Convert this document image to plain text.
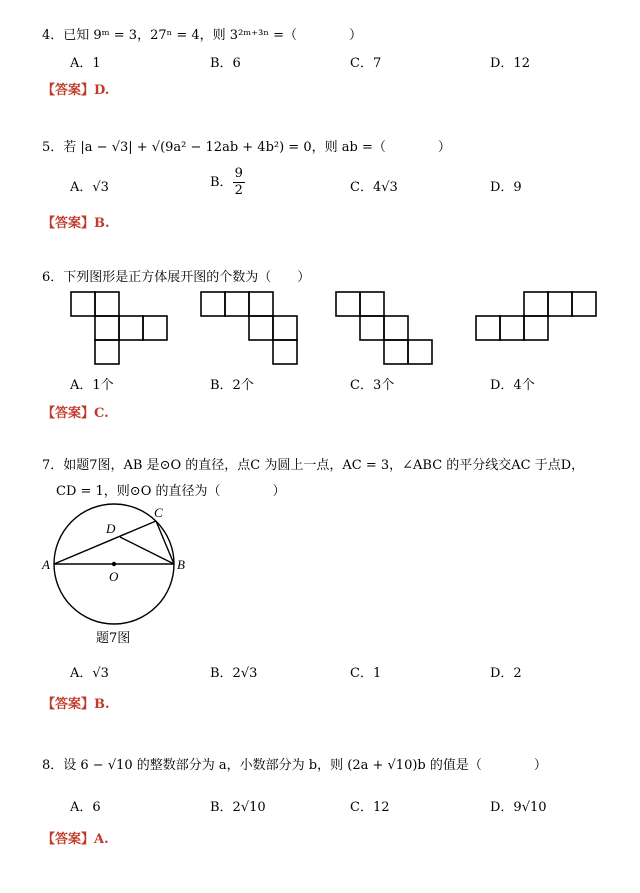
4．已知 9ᵐ = 3，27ⁿ = 4，则 3²ᵐ⁺³ⁿ =（　　　　）
A．1	B．6	C．7	D．12
【答案】D.
5．若 |a − √3| + √(9a² − 12ab + 4b²) = 0，则 ab =（　　　　）
A．√3	B． $\frac{9}{2}$	C．4√3	D．9
【答案】B.
6．下列图形是正方体展开图的个数为（　　）
A．1个	B．2个	C．3个	D．4个
【答案】C.
7．如题7图，AB 是⊙O 的直径，点C 为圆上一点，AC = 3，∠ABC 的平分线交AC 于点D，
CD = 1，则⊙O 的直径为（　　　　）
A	B
C
D
O
题7图
A．√3	B．2√3	C．1	D．2
【答案】B.
8．设 6 − √10 的整数部分为 a，小数部分为 b，则 (2a + √10)b 的值是（　　　　）
A．6	B．2√10	C．12	D．9√10
【答案】A.
